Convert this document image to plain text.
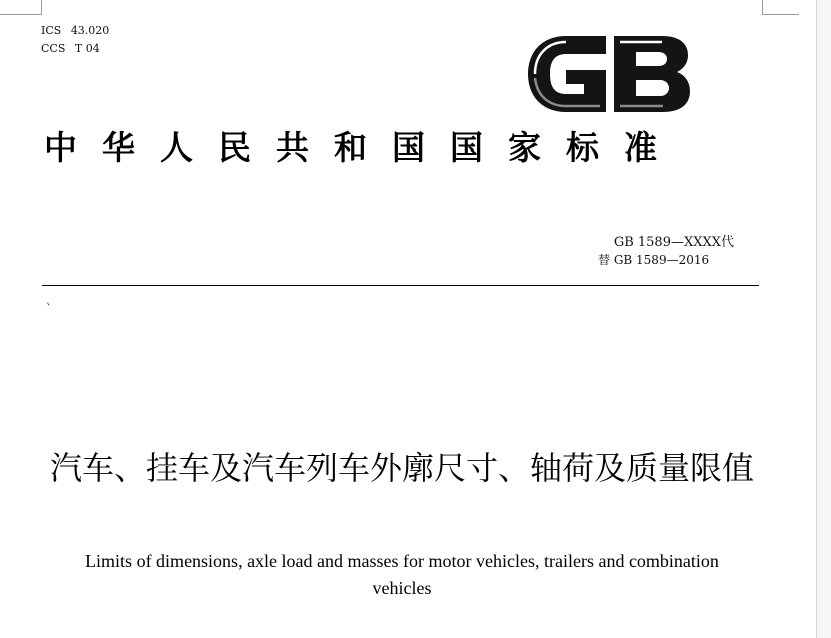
ICS 43.020
CCS T 04
中华人民共和国国家标准
GB 1589—XXXX代
替 GB 1589—2016
、
汽车、挂车及汽车列车外廓尺寸、轴荷及质量限值
Limits of dimensions, axle load and masses for motor vehicles, trailers and combination vehicles
